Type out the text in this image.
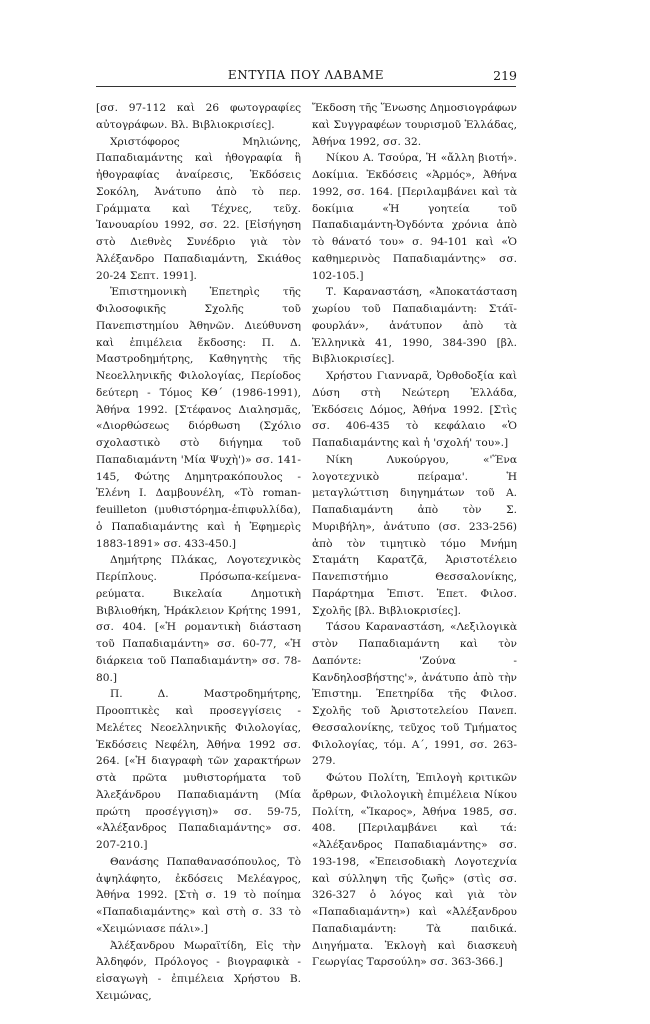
ΕΝΤΥΠΑ ΠΟΥ ΛΑΒΑΜΕ	219

[σσ. 97-112 καὶ 26 φωτογραφίες αὐτογράφων. Βλ. Βιβλιοκρισίες].

Χριστόφορος Μηλιώνης, Παπαδιαμάντης καὶ ἠθογραφία ἢ ἠθογραφίας ἀναίρεσις, Ἐκδόσεις Σοκόλη, Ἀνάτυπο ἀπὸ τὸ περ. Γράμματα καὶ Τέχνες, τεῦχ. Ἰανουαρίου 1992, σσ. 22. [Εἰσήγηση στὸ Διεθνὲς Συνέδριο γιὰ τὸν Ἀλέξανδρο Παπαδιαμάντη, Σκιάθος 20-24 Σεπτ. 1991].

Ἐπιστημονικὴ Ἐπετηρὶς τῆς Φιλοσοφικῆς Σχολῆς τοῦ Πανεπιστημίου Ἀθηνῶν. Διεύθυνση καὶ ἐπιμέλεια ἔκδοσης: Π. Δ. Μαστροδημήτρης, Καθηγητὴς τῆς Νεοελληνικῆς Φιλολογίας, Περίοδος δεύτερη - Τόμος ΚΘ΄ (1986-1991), Ἀθήνα 1992. [Στέφανος Διαλησμᾶς, «Διορθώσεως διόρθωση (Σχόλιο σχολαστικὸ στὸ διήγημα τοῦ Παπαδιαμάντη 'Μία Ψυχὴ')» σσ. 141-145, Φώτης Δημητρακόπουλος - Ἑλένη Ι. Δαμβουνέλη, «Τὸ roman-feuilleton (μυθιστόρημα-ἐπιφυλλίδα), ὁ Παπαδιαμάντης καὶ ἡ Ἐφημερὶς 1883-1891» σσ. 433-450.]

Δημήτρης Πλάκας, Λογοτεχνικὸς Περίπλους. Πρόσωπα-κείμενα-ρεύματα. Βικελαία Δημοτικὴ Βιβλιοθήκη, Ἡράκλειον Κρήτης 1991, σσ. 404. [«Ἡ ρομαντικὴ διάσταση τοῦ Παπαδιαμάντη» σσ. 60-77, «Ἡ διάρκεια τοῦ Παπαδιαμάντη» σσ. 78-80.]

Π. Δ. Μαστροδημήτρης, Προοπτικὲς καὶ προσεγγίσεις - Μελέτες Νεοελληνικῆς Φιλολογίας, Ἐκδόσεις Νεφέλη, Ἀθήνα 1992 σσ. 264. [«Ἡ διαγραφὴ τῶν χαρακτήρων στὰ πρῶτα μυθιστορήματα τοῦ Ἀλεξάνδρου Παπαδιαμάντη (Μία πρώτη προσέγγιση)» σσ. 59-75, «Ἀλέξανδρος Παπαδιαμάντης» σσ. 207-210.]

Θανάσης Παπαθανασόπουλος, Τὸ ἀψηλάφητο, ἐκδόσεις Μελέαγρος, Ἀθήνα 1992. [Στὴ σ. 19 τὸ ποίημα «Παπαδιαμάντης» καὶ στὴ σ. 33 τὸ «Χειμώνιασε πάλι».]

Ἀλέξανδρου Μωραϊτίδη, Εἰς τὴν Ἀλδηφόν, Πρόλογος - βιογραφικὰ - εἰσαγωγὴ - ἐπιμέλεια Χρήστου Β. Χειμώνας,

Ἔκδοση τῆς Ἕνωσης Δημοσιογράφων καὶ Συγγραφέων τουρισμοῦ Ἑλλάδας, Ἀθήνα 1992, σσ. 32.

Νίκου Α. Τσούρα, Ἡ «ἄλλη βιοτή». Δοκίμια. Ἐκδόσεις «Ἁρμός», Ἀθήνα 1992, σσ. 164. [Περιλαμβάνει καὶ τὰ δοκίμια «Ἡ γοητεία τοῦ Παπαδιαμάντη-Ὀγδόντα χρόνια ἀπὸ τὸ θάνατό του» σ. 94-101 καὶ «Ὁ καθημερινὸς Παπαδιαμάντης» σσ. 102-105.]

Τ. Καραναστάση, «Ἀποκατάσταση χωρίου τοῦ Παπαδιαμάντη: Στάϊ-φουρλάν», ἀνάτυπον ἀπὸ τὰ Ἑλληνικὰ 41, 1990, 384-390 [βλ. Βιβλιοκρισίες].

Χρήστου Γιανναρᾶ, Ὀρθοδοξία καὶ Δύση στὴ Νεώτερη Ἑλλάδα, Ἐκδόσεις Δόμος, Ἀθήνα 1992. [Στὶς σσ. 406-435 τὸ κεφάλαιο «Ὁ Παπαδιαμάντης καὶ ἡ 'σχολή' του».]

Νίκη Λυκούργου, «'Ἕνα λογοτεχνικὸ πείραμα'. Ἡ μεταγλώττιση διηγημάτων τοῦ Α. Παπαδιαμάντη ἀπὸ τὸν Σ. Μυριβήλη», ἀνάτυπο (σσ. 233-256) ἀπὸ τὸν τιμητικὸ τόμο Μνήμη Σταμάτη Καρατζᾶ, Ἀριστοτέλειο Πανεπιστήμιο Θεσσαλονίκης, Παράρτημα Ἐπιστ. Ἐπετ. Φιλοσ. Σχολῆς [βλ. Βιβλιοκρισίες].

Τάσου Καραναστάση, «Λεξιλογικὰ στὸν Παπαδιαμάντη καὶ τὸν Δαπόντε: 'Ζούνα - Κανδηλοσβήστης'», ἀνάτυπο ἀπὸ τὴν Ἐπιστημ. Ἐπετηρίδα τῆς Φιλοσ. Σχολῆς τοῦ Ἀριστοτελείου Πανεπ. Θεσσαλονίκης, τεῦχος τοῦ Τμήματος Φιλολογίας, τόμ. Α΄, 1991, σσ. 263-279.

Φώτου Πολίτη, Ἐπιλογὴ κριτικῶν ἄρθρων, Φιλολογικὴ ἐπιμέλεια Νίκου Πολίτη, «Ἴκαρος», Ἀθήνα 1985, σσ. 408. [Περιλαμβάνει καὶ τά: «Ἀλέξανδρος Παπαδιαμάντης» σσ. 193-198, «Ἐπεισοδιακὴ Λογοτεχνία καὶ σύλληψη τῆς ζωῆς» (στὶς σσ. 326-327 ὁ λόγος καὶ γιὰ τὸν «Παπαδιαμάντη») καὶ «Ἀλέξανδρου Παπαδιαμάντη: Τὰ παιδικά. Διηγήματα. Ἐκλογὴ καὶ διασκευὴ Γεωργίας Ταρσούλη» σσ. 363-366.]
